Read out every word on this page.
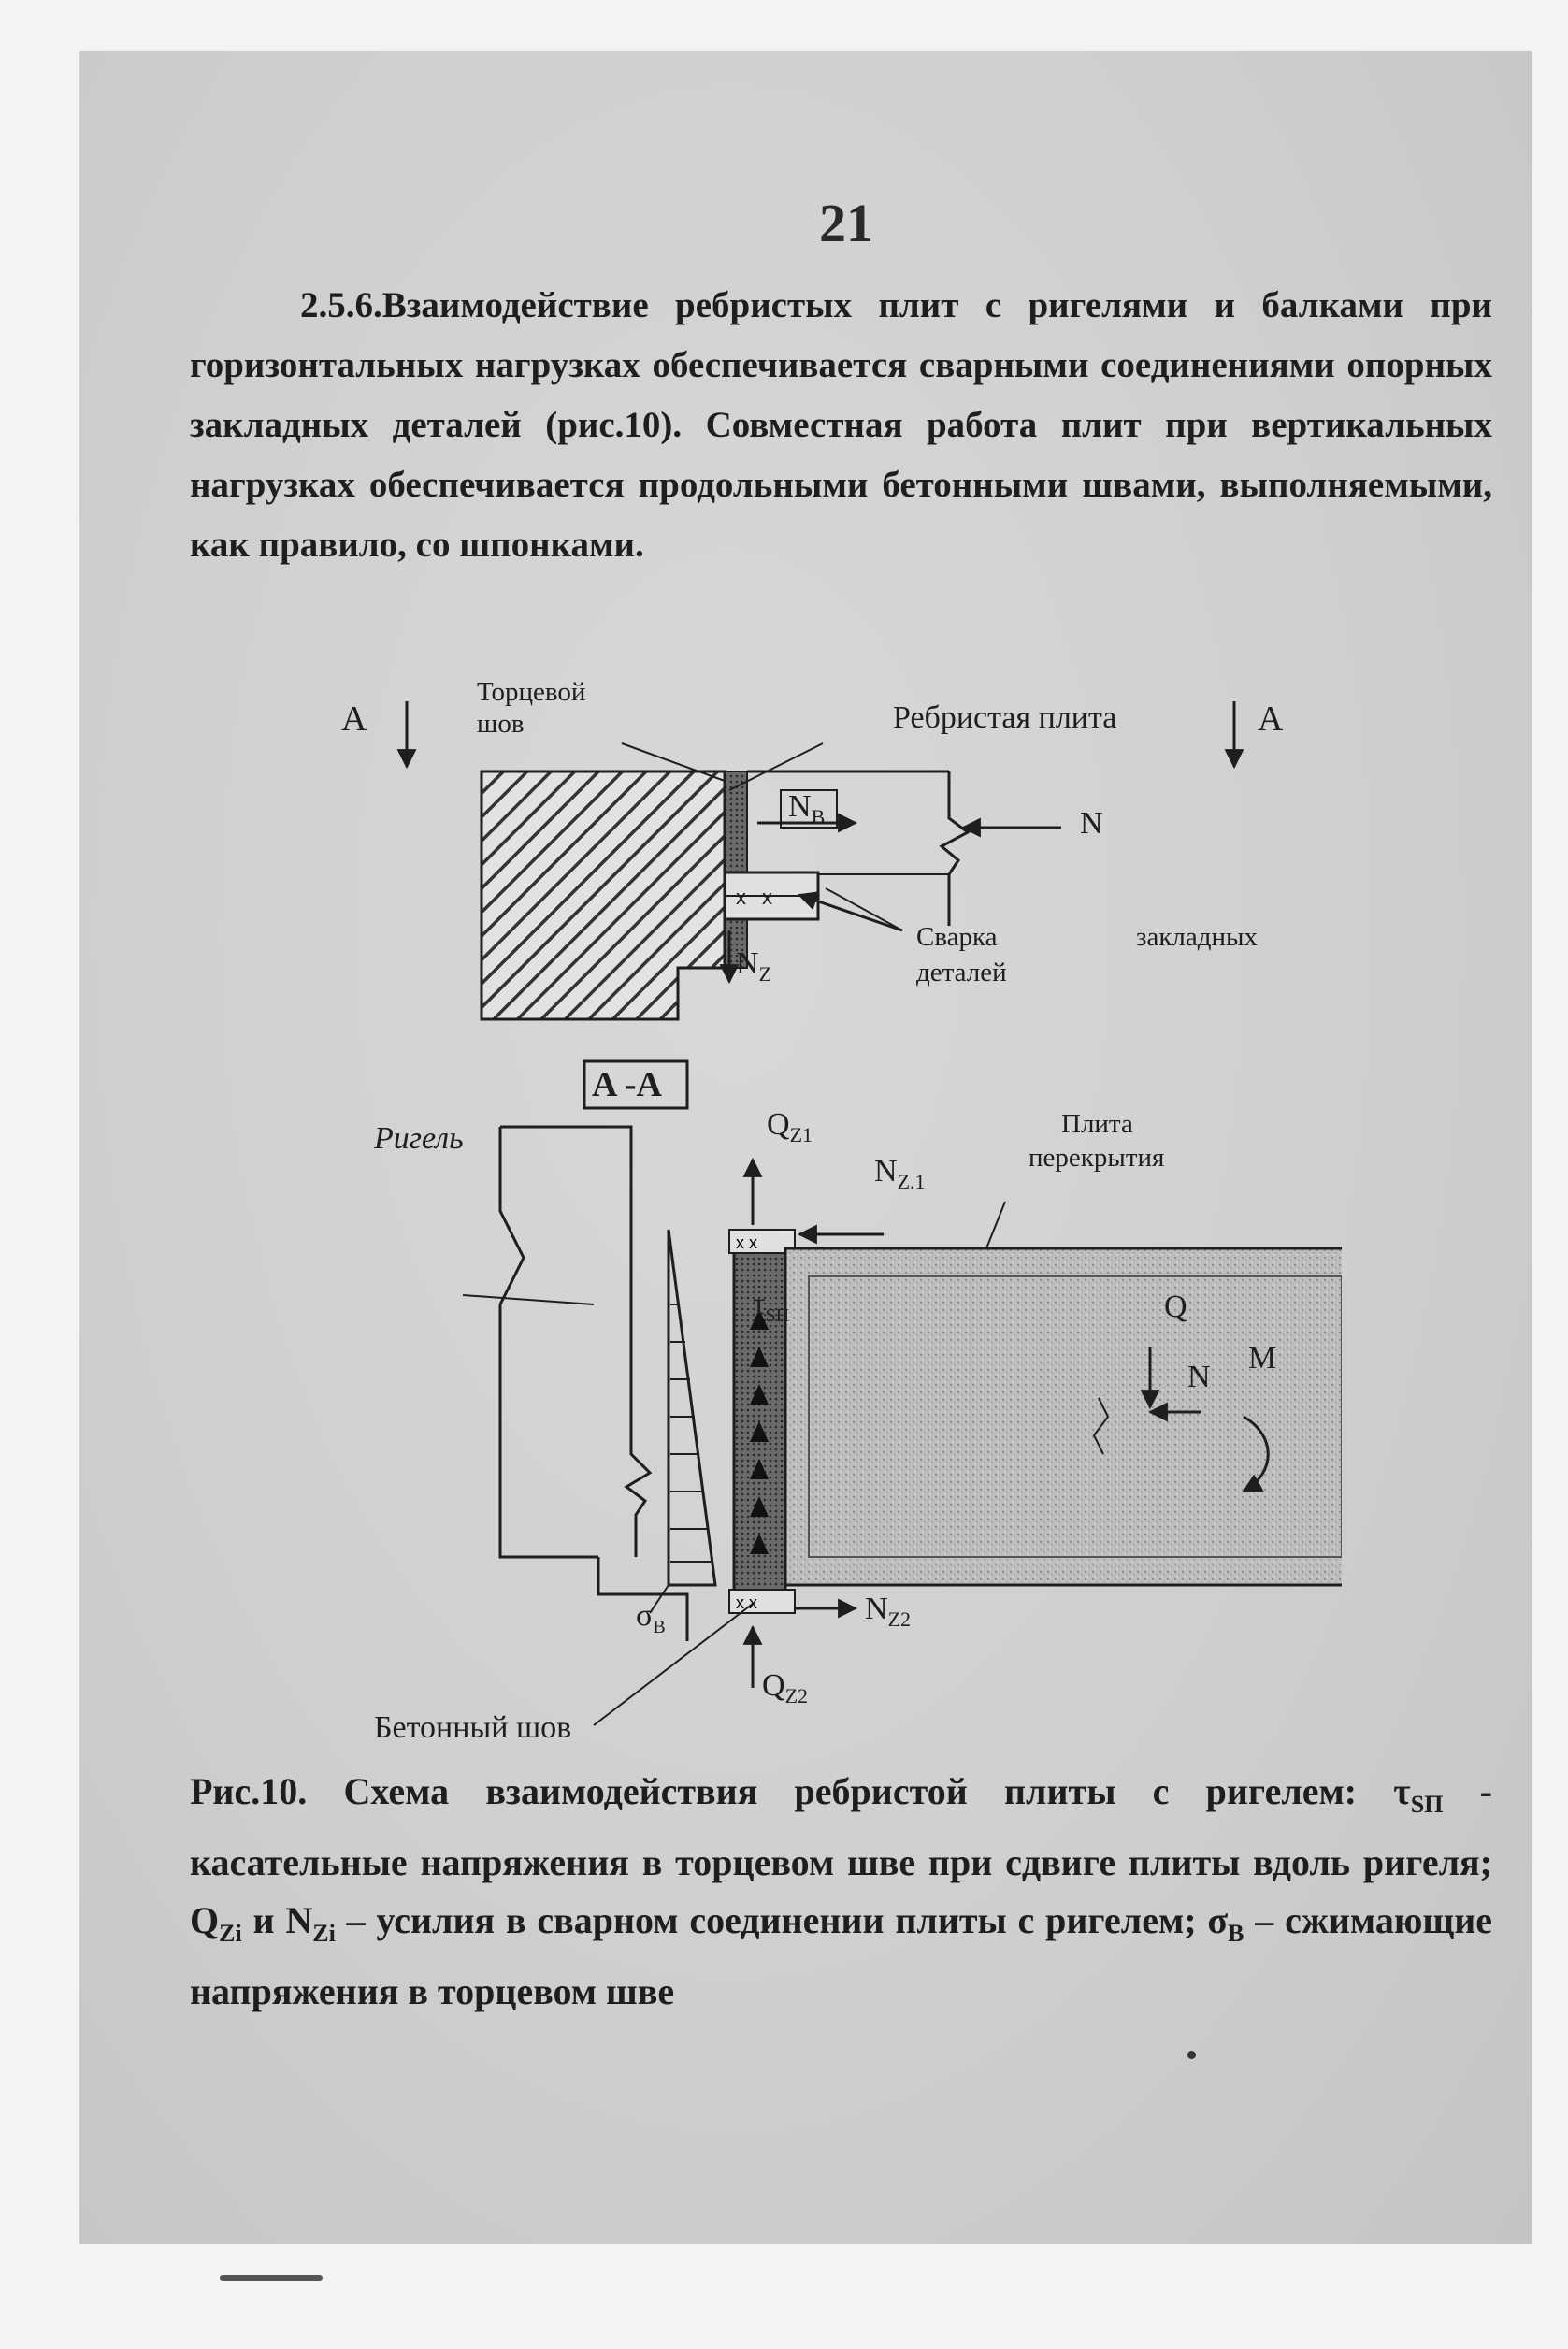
21

2.5.6.Взаимодействие ребристых плит с ригелями и балками при горизонтальных нагрузках обеспечивается сварными соединениями опорных закладных деталей (рис.10). Совместная работа плит при вертикальных нагрузках обеспечивается продольными бетонными швами, выполняемыми, как правило, со шпонками.

x x
x x
x x
A	A
Торцевой
шов	Ребристая плита
$N_B$	N
$N_Z$
Сварка	закладных
деталей
A -A
Ригель	$Q_{Z1}$
$N_{Z.1}$
Плита
перекрытия
$\tau_{SП}$	Q
N
M
$\sigma_B$
$N_{Z2}$
$Q_{Z2}$
Бетонный шов

Рис.10. Схема взаимодействия ребристой плиты с ригелем: $\tau_{SП}$ - касательные напряжения в торцевом шве при сдвиге плиты вдоль ригеля; $Q_{Zi}$ и $N_{Zi}$ – усилия в сварном соединении плиты с ригелем; $\sigma_B$ – сжимающие напряжения в торцевом шве
